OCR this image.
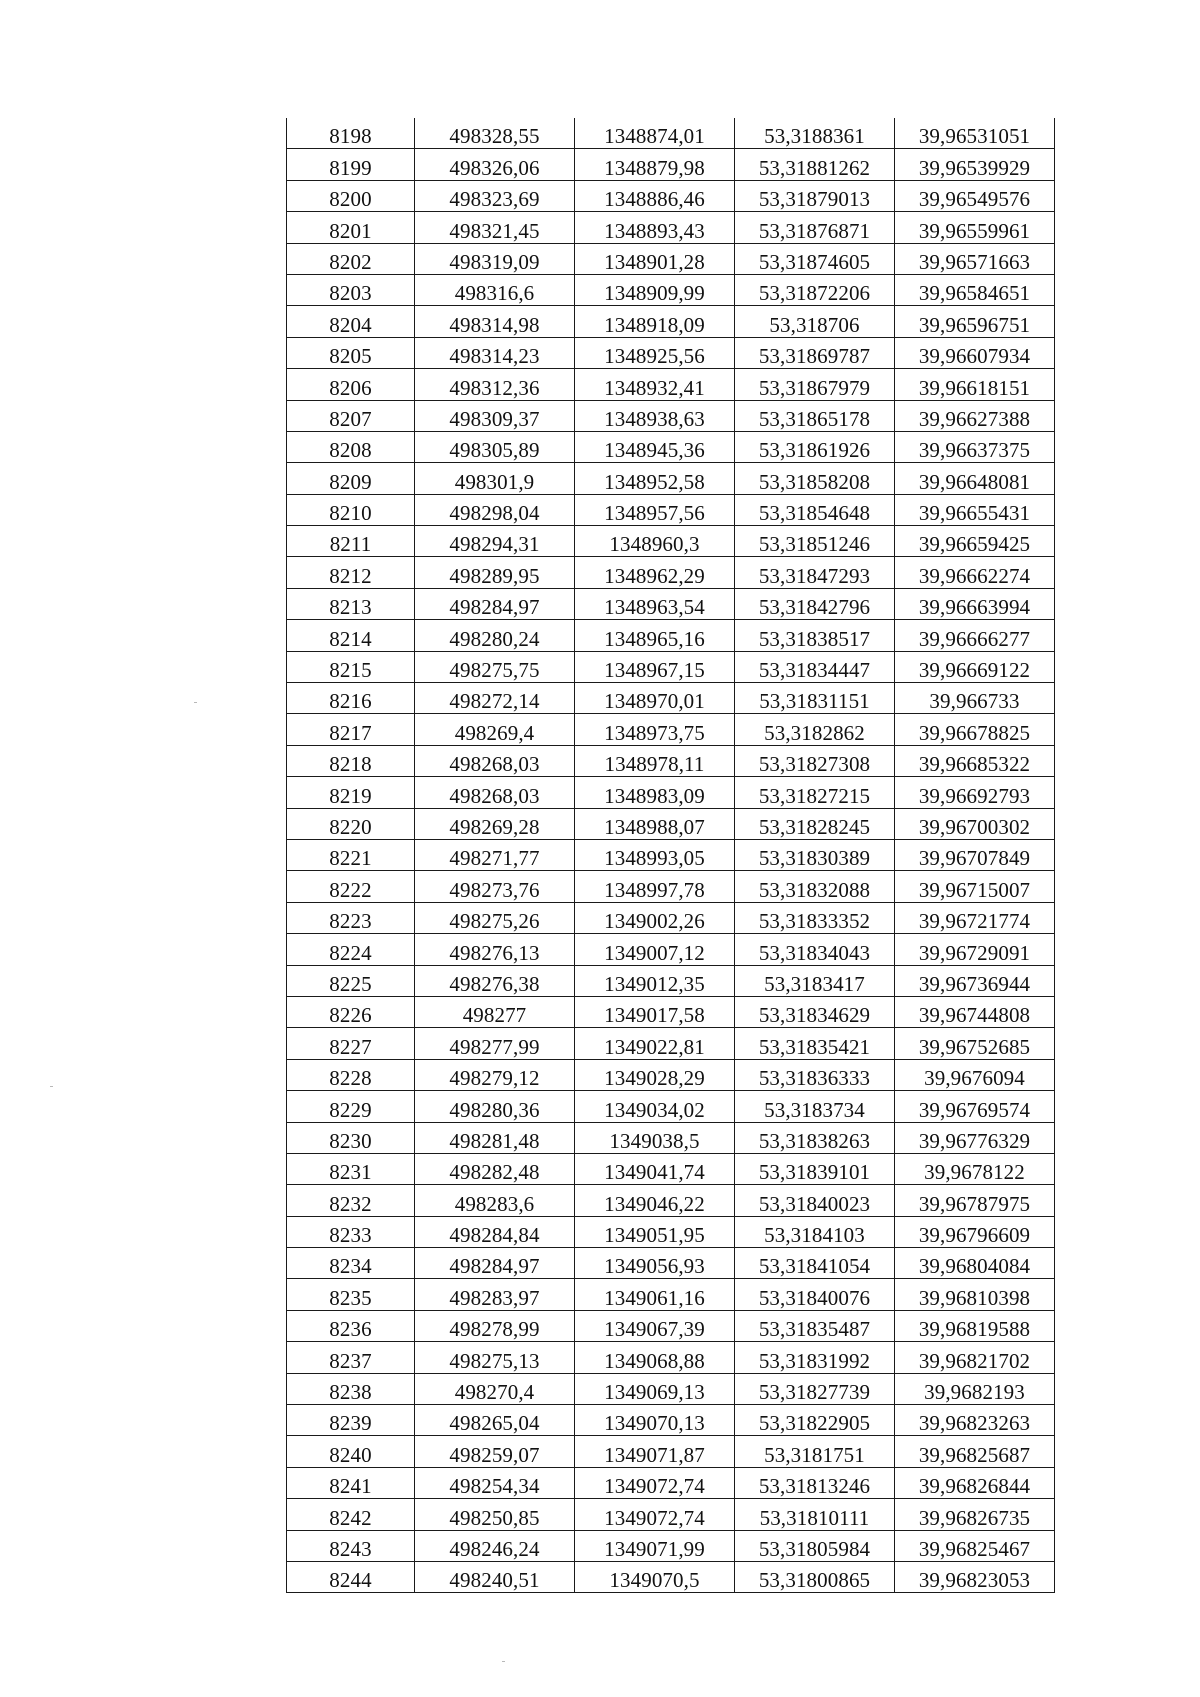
8198	498328,55	1348874,01	53,3188361	39,96531051
8199	498326,06	1348879,98	53,31881262	39,96539929
8200	498323,69	1348886,46	53,31879013	39,96549576
8201	498321,45	1348893,43	53,31876871	39,96559961
8202	498319,09	1348901,28	53,31874605	39,96571663
8203	498316,6	1348909,99	53,31872206	39,96584651
8204	498314,98	1348918,09	53,318706	39,96596751
8205	498314,23	1348925,56	53,31869787	39,96607934
8206	498312,36	1348932,41	53,31867979	39,96618151
8207	498309,37	1348938,63	53,31865178	39,96627388
8208	498305,89	1348945,36	53,31861926	39,96637375
8209	498301,9	1348952,58	53,31858208	39,96648081
8210	498298,04	1348957,56	53,31854648	39,96655431
8211	498294,31	1348960,3	53,31851246	39,96659425
8212	498289,95	1348962,29	53,31847293	39,96662274
8213	498284,97	1348963,54	53,31842796	39,96663994
8214	498280,24	1348965,16	53,31838517	39,96666277
8215	498275,75	1348967,15	53,31834447	39,96669122
8216	498272,14	1348970,01	53,31831151	39,966733
8217	498269,4	1348973,75	53,3182862	39,96678825
8218	498268,03	1348978,11	53,31827308	39,96685322
8219	498268,03	1348983,09	53,31827215	39,96692793
8220	498269,28	1348988,07	53,31828245	39,96700302
8221	498271,77	1348993,05	53,31830389	39,96707849
8222	498273,76	1348997,78	53,31832088	39,96715007
8223	498275,26	1349002,26	53,31833352	39,96721774
8224	498276,13	1349007,12	53,31834043	39,96729091
8225	498276,38	1349012,35	53,3183417	39,96736944
8226	498277	1349017,58	53,31834629	39,96744808
8227	498277,99	1349022,81	53,31835421	39,96752685
8228	498279,12	1349028,29	53,31836333	39,9676094
8229	498280,36	1349034,02	53,3183734	39,96769574
8230	498281,48	1349038,5	53,31838263	39,96776329
8231	498282,48	1349041,74	53,31839101	39,9678122
8232	498283,6	1349046,22	53,31840023	39,96787975
8233	498284,84	1349051,95	53,3184103	39,96796609
8234	498284,97	1349056,93	53,31841054	39,96804084
8235	498283,97	1349061,16	53,31840076	39,96810398
8236	498278,99	1349067,39	53,31835487	39,96819588
8237	498275,13	1349068,88	53,31831992	39,96821702
8238	498270,4	1349069,13	53,31827739	39,9682193
8239	498265,04	1349070,13	53,31822905	39,96823263
8240	498259,07	1349071,87	53,3181751	39,96825687
8241	498254,34	1349072,74	53,31813246	39,96826844
8242	498250,85	1349072,74	53,31810111	39,96826735
8243	498246,24	1349071,99	53,31805984	39,96825467
8244	498240,51	1349070,5	53,31800865	39,96823053
